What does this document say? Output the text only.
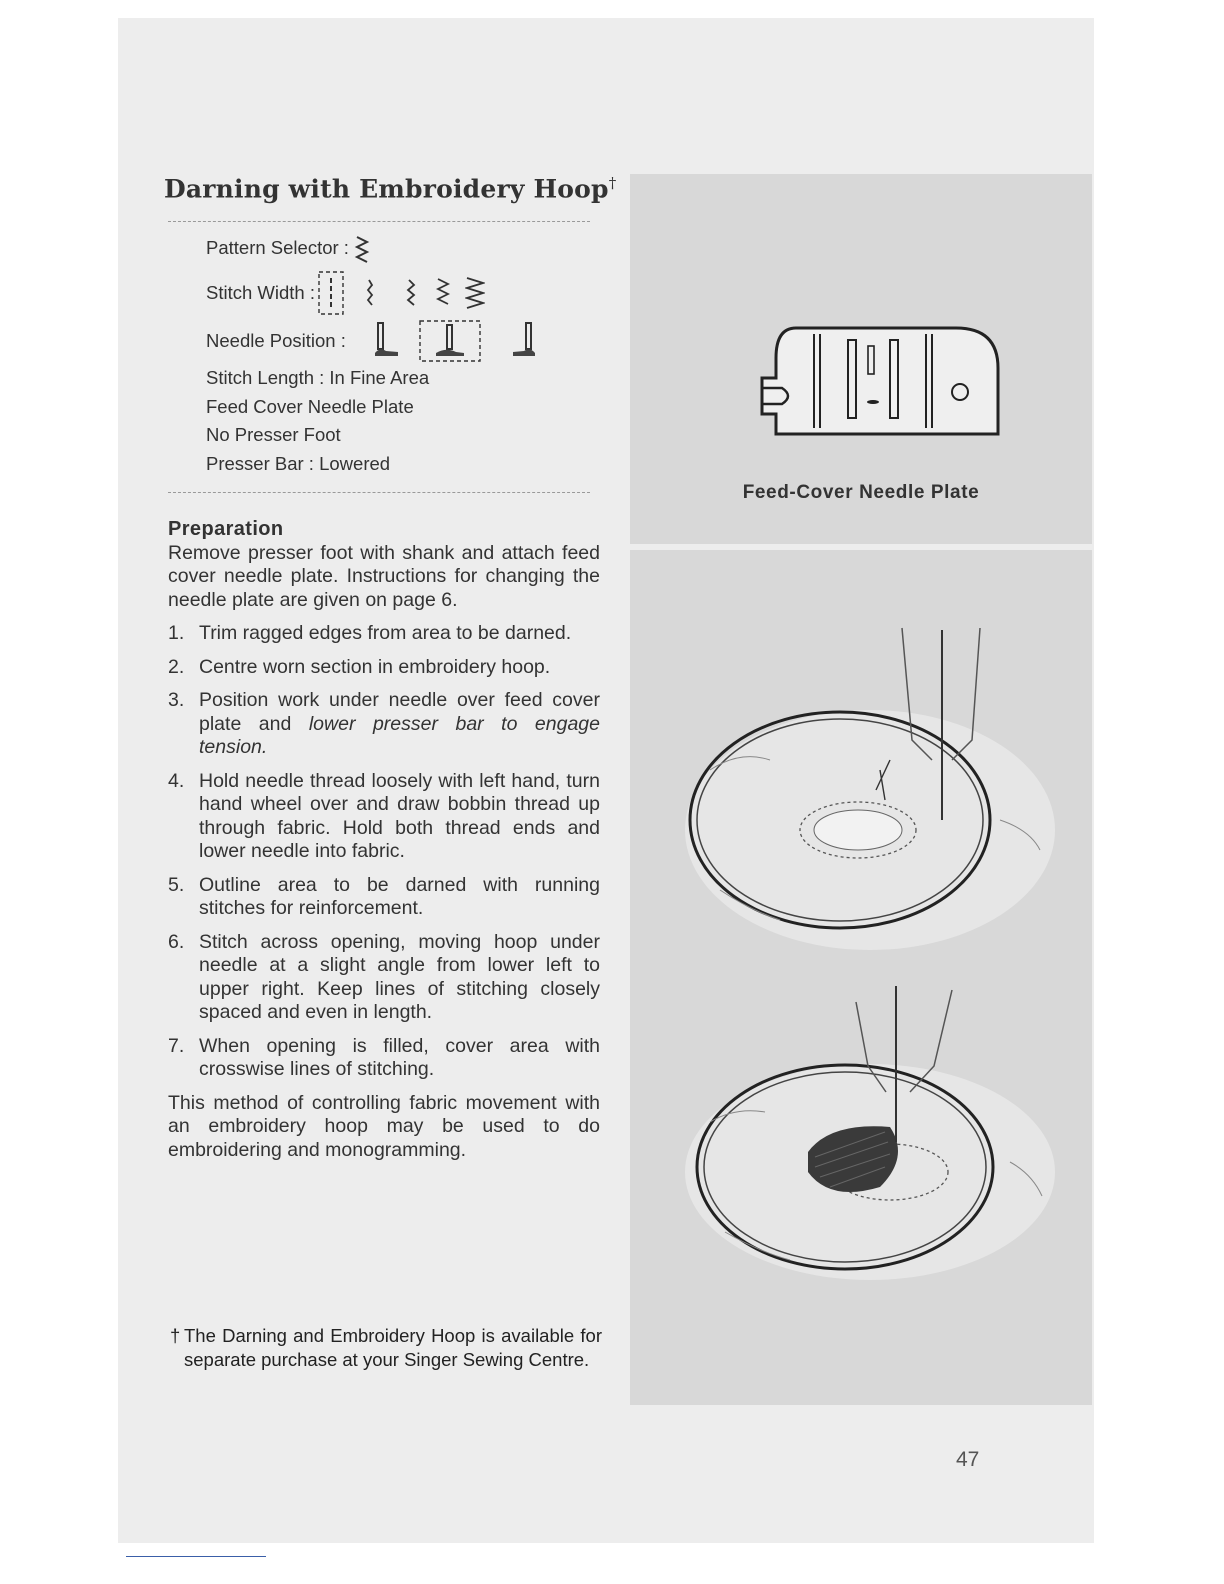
Darning with Embroidery Hoop†
Pattern Selector :
Stitch Width :
Needle Position :
Stitch Length : In Fine Area
Feed Cover Needle Plate
No Presser Foot
Presser Bar : Lowered
Preparation

Remove presser foot with shank and attach feed cover needle plate. Instructions for changing the needle plate are given on page 6.

1. Trim ragged edges from area to be darned.
2. Centre worn section in embroidery hoop.
3. Position work under needle over feed cover plate and lower presser bar to engage tension.
4. Hold needle thread loosely with left hand, turn hand wheel over and draw bobbin thread up through fabric. Hold both thread ends and lower needle into fabric.
5. Outline area to be darned with running stitches for reinforcement.
6. Stitch across opening, moving hoop under needle at a slight angle from lower left to upper right. Keep lines of stitching closely spaced and even in length.
7. When opening is filled, cover area with crosswise lines of stitching.

This method of controlling fabric movement with an embroidery hoop may be used to do embroidering and monogramming.

† The Darning and Embroidery Hoop is available for separate purchase at your Singer Sewing Centre.
Feed-Cover Needle Plate
47
